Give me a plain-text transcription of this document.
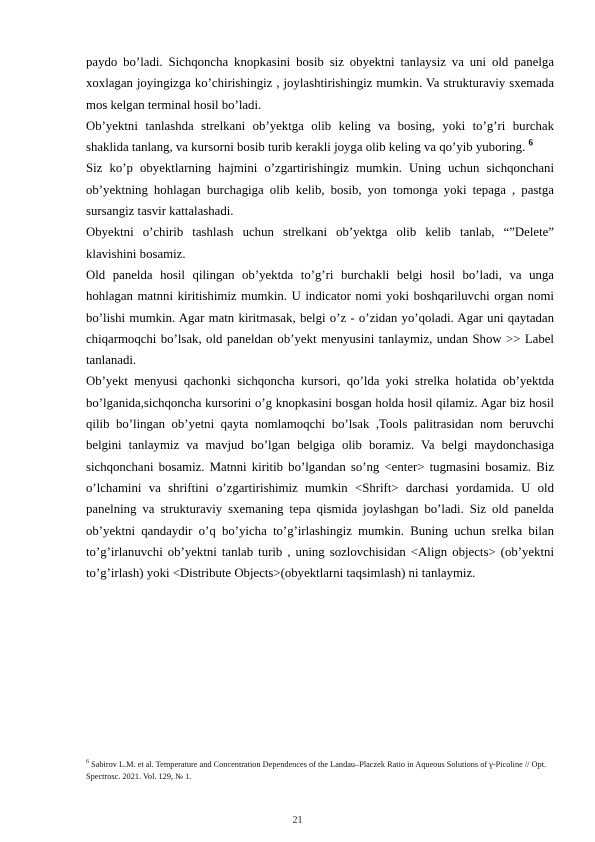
paydo bo’ladi. Sichqoncha knopkasini bosib siz obyektni tanlaysiz va uni old panelga xoxlagan joyingizga ko’chirishingiz , joylashtirishingiz mumkin. Va strukturaviy sxemada mos kelgan terminal hosil bo’ladi.

Ob’yektni tanlashda strelkani ob’yektga olib keling va bosing, yoki to’g’ri burchak shaklida tanlang, va kursorni bosib turib kerakli joyga olib keling va qo’yib yuboring. $^6$

Siz ko’p obyektlarning hajmini o’zgartirishingiz mumkin. Uning uchun sichqonchani ob’yektning hohlagan burchagiga olib kelib, bosib, yon tomonga yoki tepaga , pastga sursangiz tasvir kattalashadi.

Obyektni o’chirib tashlash uchun strelkani ob’yektga olib kelib tanlab, “”Delete” klavishini bosamiz.

Old panelda hosil qilingan ob’yektda to’g’ri burchakli belgi hosil bo’ladi, va unga hohlagan matnni kiritishimiz mumkin. U indicator nomi yoki boshqariluvchi organ nomi bo’lishi mumkin. Agar matn kiritmasak, belgi o’z - o’zidan yo’qoladi. Agar uni qaytadan chiqarmoqchi bo’lsak, old paneldan ob’yekt menyusini tanlaymiz, undan Show >> Label tanlanadi.

Ob’yekt menyusi qachonki sichqoncha kursori, qo’lda yoki strelka holatida ob’yektda bo’lganida,sichqoncha kursorini o’g knopkasini bosgan holda hosil qilamiz. Agar biz hosil qilib bo’lingan ob’yetni qayta nomlamoqchi bo’lsak ,Tools palitrasidan nom beruvchi belgini tanlaymiz va mavjud bo’lgan belgiga olib boramiz. Va belgi maydonchasiga sichqonchani bosamiz. Matnni kiritib bo’lgandan so’ng <enter> tugmasini bosamiz. Biz o’lchamini va shriftini o’zgartirishimiz mumkin <Shrift> darchasi yordamida. U old panelning va strukturaviy sxemaning tepa qismida joylashgan bo’ladi. Siz old panelda ob’yektni qandaydir o’q bo’yicha to’g’irlashingiz mumkin. Buning uchun srelka bilan to’g’irlanuvchi ob’yektni tanlab turib , uning sozlovchisidan <Align objects> (ob’yektni to’g’irlash) yoki <Distribute Objects>(obyektlarni taqsimlash) ni tanlaymiz.

$^6$ Sabirov L.M. et al. Temperature and Concentration Dependences of the Landau–Placzek Ratio in Aqueous Solutions of γ-Picoline // Opt. Spectrosc. 2021. Vol. 129, № 1.
21
